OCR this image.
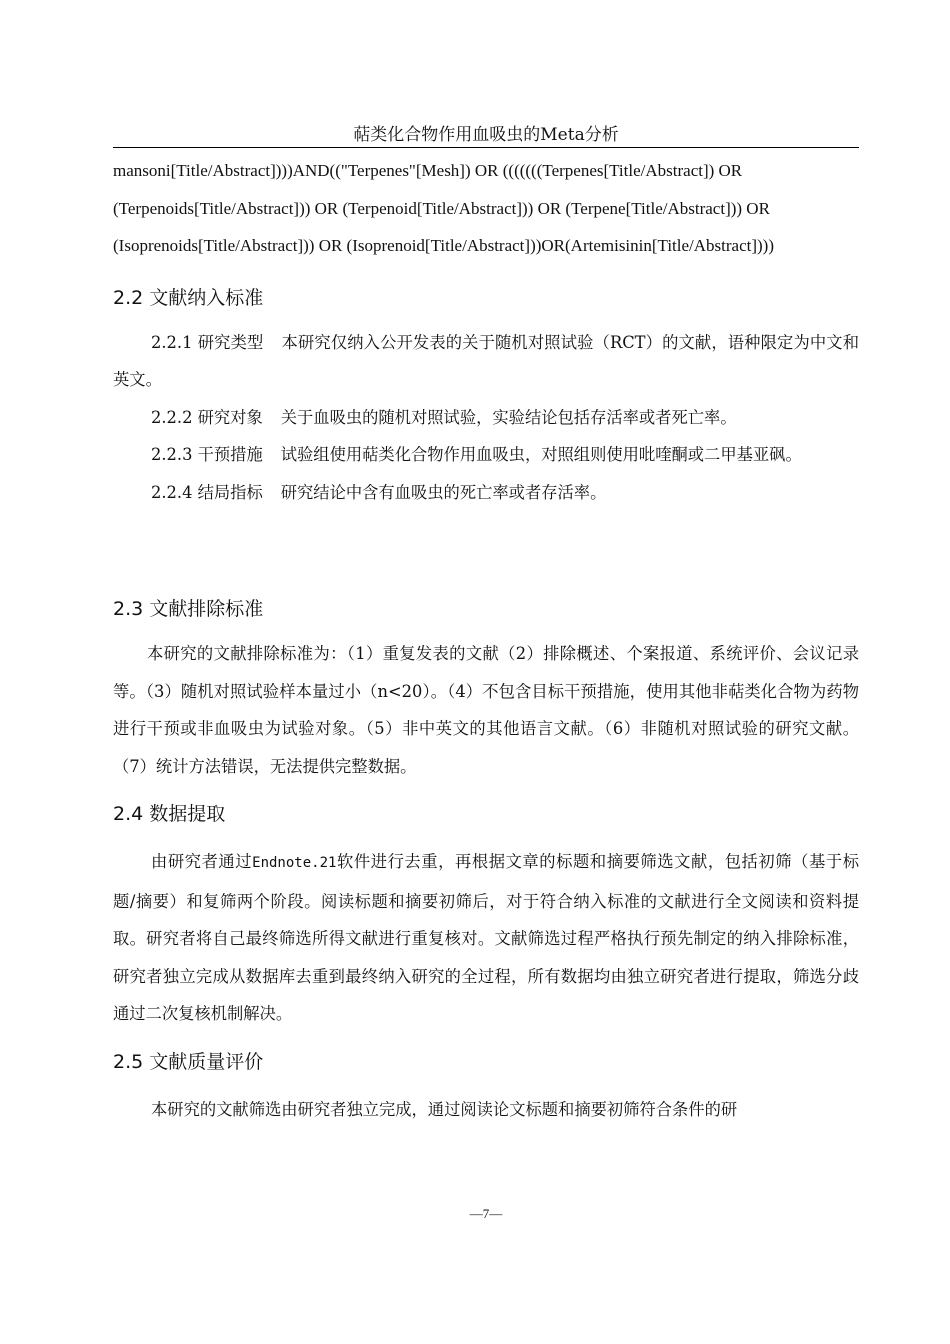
萜类化合物作用血吸虫的Meta分析

mansoni[Title/Abstract])))AND(("Terpenes"[Mesh]) OR (((((((Terpenes[Title/Abstract]) OR

(Terpenoids[Title/Abstract])) OR (Terpenoid[Title/Abstract])) OR (Terpene[Title/Abstract])) OR

(Isoprenoids[Title/Abstract])) OR (Isoprenoid[Title/Abstract]))OR(Artemisinin[Title/Abstract])))

2.2 文献纳入标准

2.2.1 研究类型 本研究仅纳入公开发表的关于随机对照试验（RCT）的文献，语种限定为中文和英文。

2.2.2 研究对象 关于血吸虫的随机对照试验，实验结论包括存活率或者死亡率。

2.2.3 干预措施 试验组使用萜类化合物作用血吸虫，对照组则使用吡喹酮或二甲基亚砜。

2.2.4 结局指标 研究结论中含有血吸虫的死亡率或者存活率。

2.3 文献排除标准

本研究的文献排除标准为：（1）重复发表的文献（2）排除概述、个案报道、系统评价、会议记录等。（3）随机对照试验样本量过小（n<20）。（4）不包含目标干预措施，使用其他非萜类化合物为药物进行干预或非血吸虫为试验对象。（5）非中英文的其他语言文献。（6）非随机对照试验的研究文献。（7）统计方法错误，无法提供完整数据。

2.4 数据提取

由研究者通过Endnote.21软件进行去重，再根据文章的标题和摘要筛选文献，包括初筛（基于标题/摘要）和复筛两个阶段。阅读标题和摘要初筛后，对于符合纳入标准的文献进行全文阅读和资料提取。研究者将自己最终筛选所得文献进行重复核对。文献筛选过程严格执行预先制定的纳入排除标准，研究者独立完成从数据库去重到最终纳入研究的全过程，所有数据均由独立研究者进行提取，筛选分歧通过二次复核机制解决。

2.5 文献质量评价

本研究的文献筛选由研究者独立完成，通过阅读论文标题和摘要初筛符合条件的研

—7—
